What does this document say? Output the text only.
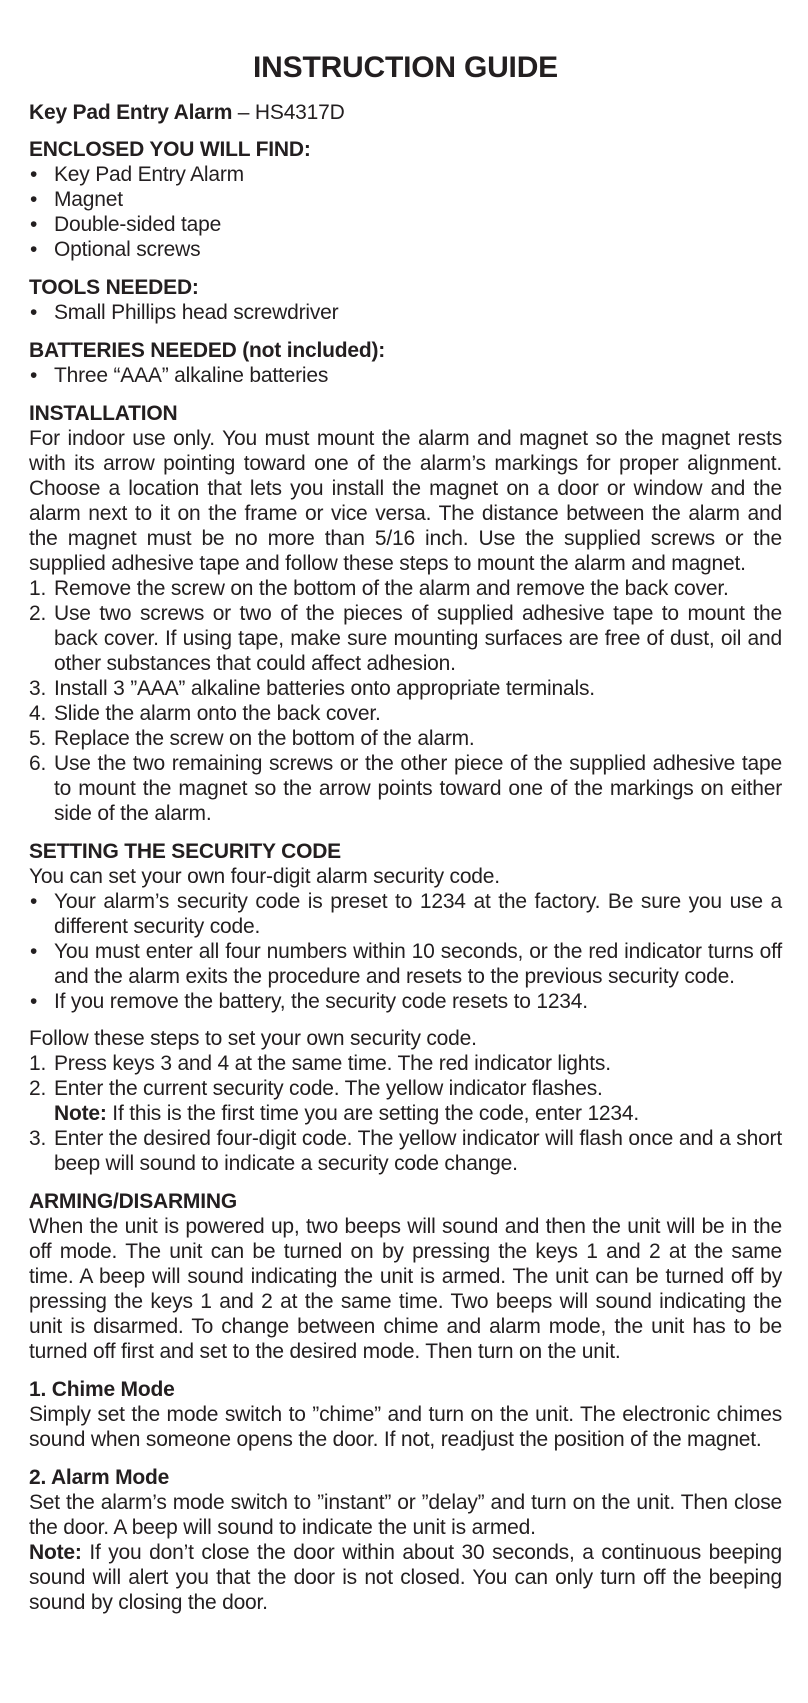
INSTRUCTION GUIDE
Key Pad Entry Alarm – HS4317D
ENCLOSED YOU WILL FIND:
• Key Pad Entry Alarm
• Magnet
• Double-sided tape
• Optional screws
TOOLS NEEDED:
• Small Phillips head screwdriver
BATTERIES NEEDED (not included):
• Three “AAA” alkaline batteries
INSTALLATION

For indoor use only. You must mount the alarm and magnet so the magnet rests with its arrow pointing toward one of the alarm’s markings for proper alignment. Choose a location that lets you install the magnet on a door or window and the alarm next to it on the frame or vice versa. The distance between the alarm and the magnet must be no more than 5/16 inch. Use the supplied screws or the supplied adhesive tape and follow these steps to mount the alarm and magnet.

1. Remove the screw on the bottom of the alarm and remove the back cover.
2. Use two screws or two of the pieces of supplied adhesive tape to mount the back cover. If using tape, make sure mounting surfaces are free of dust, oil and other substances that could affect adhesion.
3. Install 3 ”AAA” alkaline batteries onto appropriate terminals.
4. Slide the alarm onto the back cover.
5. Replace the screw on the bottom of the alarm.
6. Use the two remaining screws or the other piece of the supplied adhesive tape to mount the magnet so the arrow points toward one of the markings on either side of the alarm.
SETTING THE SECURITY CODE

You can set your own four-digit alarm security code.

• Your alarm’s security code is preset to 1234 at the factory. Be sure you use a different security code.
• You must enter all four numbers within 10 seconds, or the red indicator turns off and the alarm exits the procedure and resets to the previous security code.
• If you remove the battery, the security code resets to 1234.

Follow these steps to set your own security code.

1. Press keys 3 and 4 at the same time. The red indicator lights.
2. Enter the current security code. The yellow indicator flashes.
Note: If this is the first time you are setting the code, enter 1234.
3. Enter the desired four-digit code. The yellow indicator will flash once and a short beep will sound to indicate a security code change.
ARMING/DISARMING

When the unit is powered up, two beeps will sound and then the unit will be in the off mode. The unit can be turned on by pressing the keys 1 and 2 at the same time. A beep will sound indicating the unit is armed. The unit can be turned off by pressing the keys 1 and 2 at the same time. Two beeps will sound indicating the unit is disarmed. To change between chime and alarm mode, the unit has to be turned off first and set to the desired mode. Then turn on the unit.

1. Chime Mode

Simply set the mode switch to ”chime” and turn on the unit. The electronic chimes sound when someone opens the door. If not, readjust the position of the magnet.

2. Alarm Mode

Set the alarm’s mode switch to ”instant” or ”delay” and turn on the unit. Then close the door. A beep will sound to indicate the unit is armed.

Note: If you don’t close the door within about 30 seconds, a continuous beeping sound will alert you that the door is not closed. You can only turn off the beeping sound by closing the door.
